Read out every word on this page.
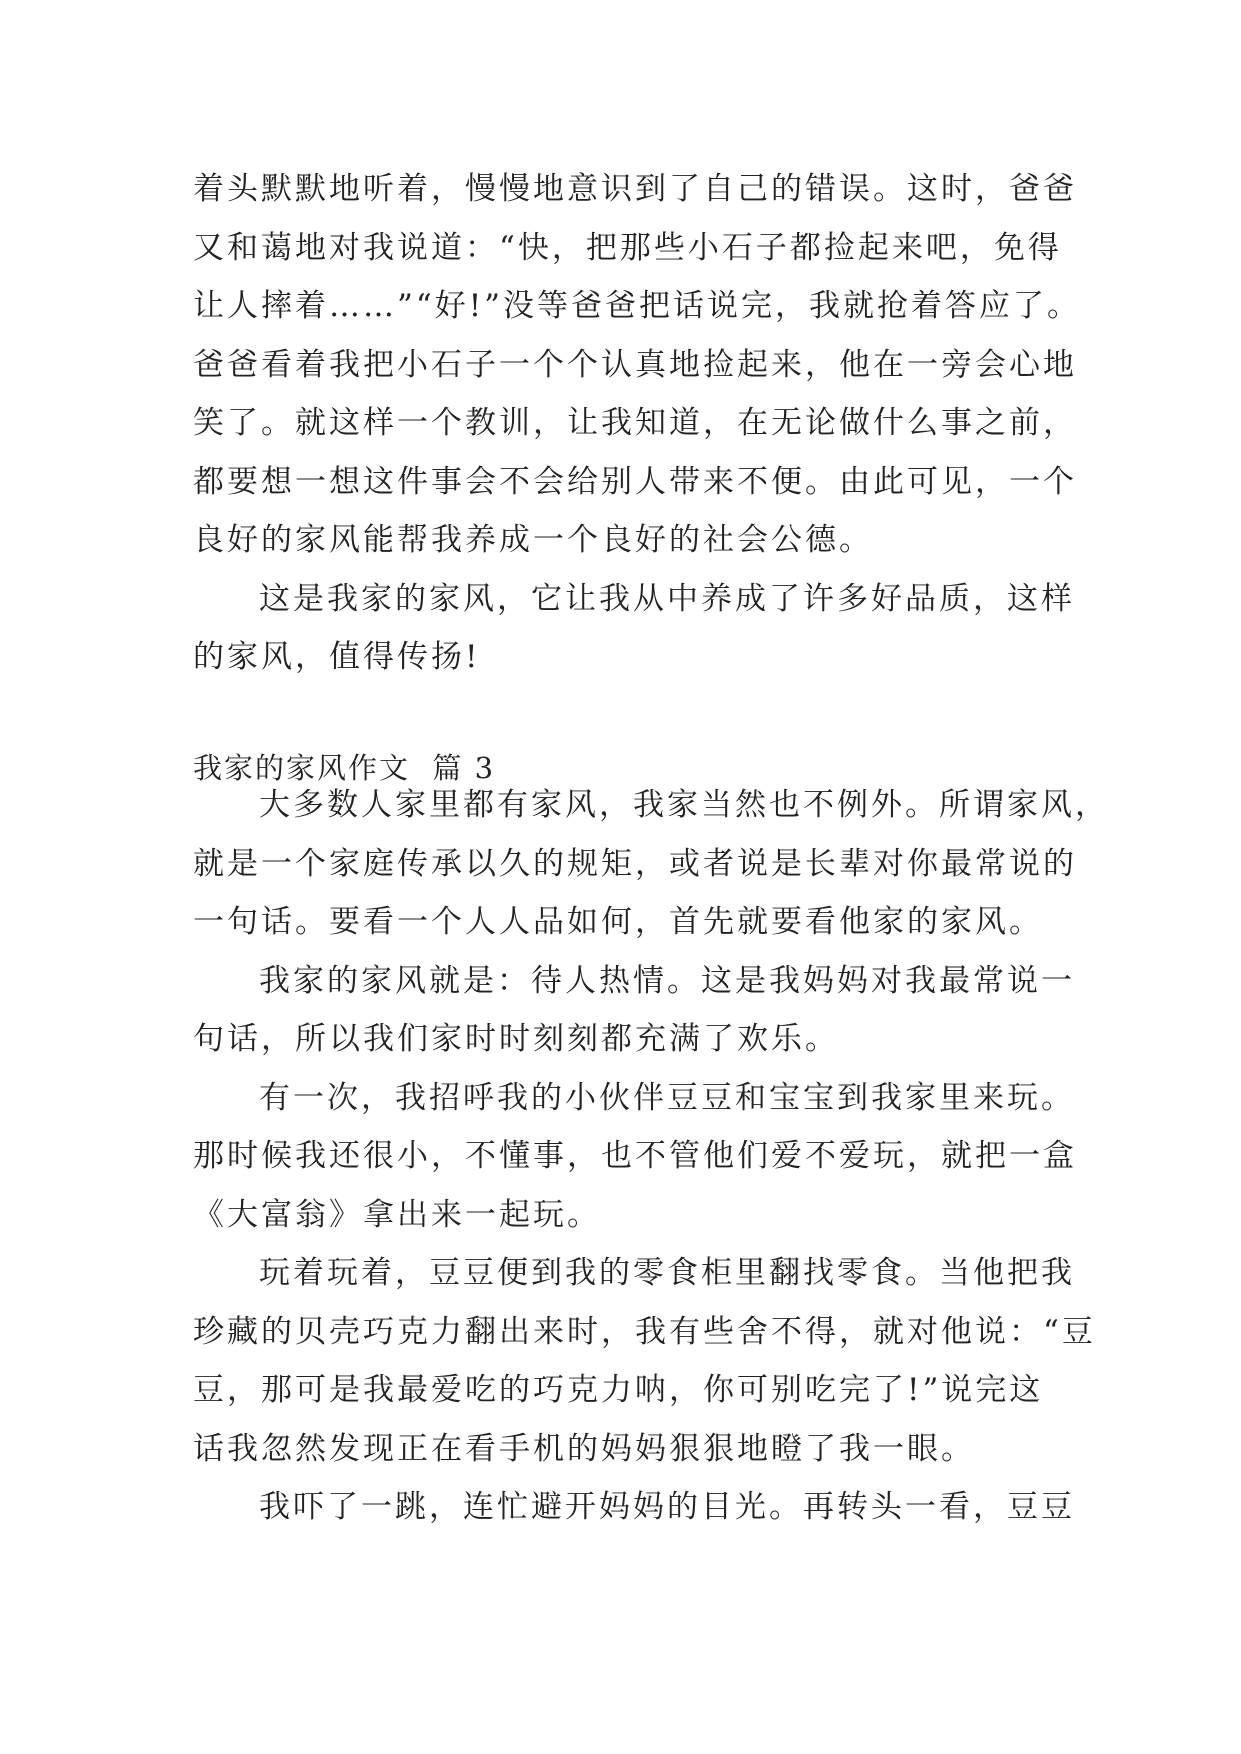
着头默默地听着，慢慢地意识到了自己的错误。这时，爸爸
又和蔼地对我说道：“快，把那些小石子都捡起来吧，免得
让人摔着……”“好!”没等爸爸把话说完，我就抢着答应了。
爸爸看着我把小石子一个个认真地捡起来，他在一旁会心地
笑了。就这样一个教训，让我知道，在无论做什么事之前，
都要想一想这件事会不会给别人带来不便。由此可见，一个
良好的家风能帮我养成一个良好的社会公德。

这是我家的家风，它让我从中养成了许多好品质，这样
的家风，值得传扬!

我家的家风作文  篇 3

大多数人家里都有家风，我家当然也不例外。所谓家风，
就是一个家庭传承以久的规矩，或者说是长辈对你最常说的
一句话。要看一个人人品如何，首先就要看他家的家风。

我家的家风就是：待人热情。这是我妈妈对我最常说一
句话，所以我们家时时刻刻都充满了欢乐。

有一次，我招呼我的小伙伴豆豆和宝宝到我家里来玩。
那时候我还很小，不懂事，也不管他们爱不爱玩，就把一盒
《大富翁》拿出来一起玩。

玩着玩着，豆豆便到我的零食柜里翻找零食。当他把我
珍藏的贝壳巧克力翻出来时，我有些舍不得，就对他说：“豆
豆，那可是我最爱吃的巧克力呐，你可别吃完了!”说完这
话我忽然发现正在看手机的妈妈狠狠地瞪了我一眼。

我吓了一跳，连忙避开妈妈的目光。再转头一看，豆豆
